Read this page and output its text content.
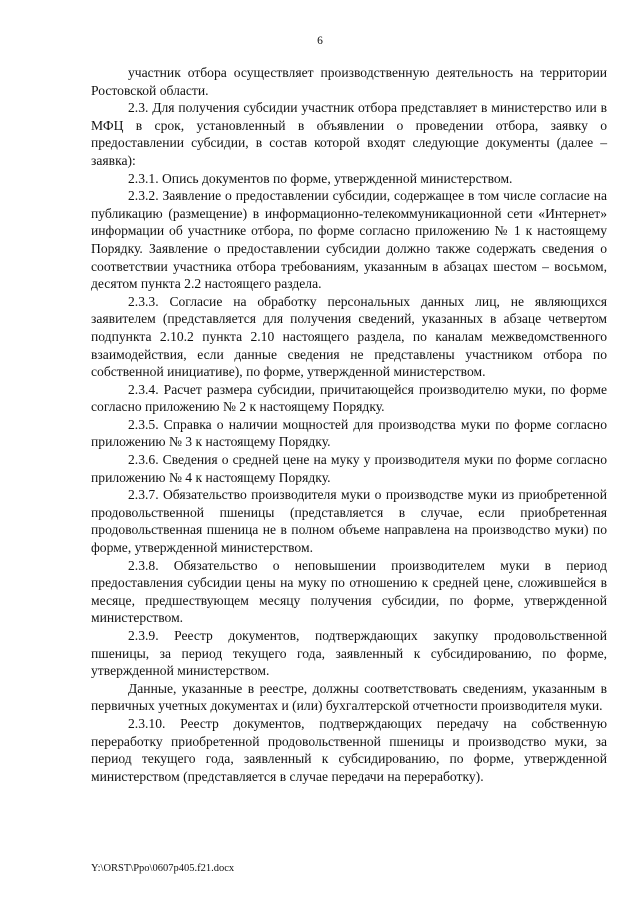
6

участник отбора осуществляет производственную деятельность на территории Ростовской области.

2.3. Для получения субсидии участник отбора представляет в министерство или в МФЦ в срок, установленный в объявлении о проведении отбора, заявку о предоставлении субсидии, в состав которой входят следующие документы (далее – заявка):

2.3.1. Опись документов по форме, утвержденной министерством.

2.3.2. Заявление о предоставлении субсидии, содержащее в том числе согласие на публикацию (размещение) в информационно-телекоммуникационной сети «Интернет» информации об участнике отбора, по форме согласно приложению № 1 к настоящему Порядку. Заявление о предоставлении субсидии должно также содержать сведения о соответствии участника отбора требованиям, указанным в абзацах шестом – восьмом, десятом пункта 2.2 настоящего раздела.

2.3.3. Согласие на обработку персональных данных лиц, не являющихся заявителем (представляется для получения сведений, указанных в абзаце четвертом подпункта 2.10.2 пункта 2.10 настоящего раздела, по каналам межведомственного взаимодействия, если данные сведения не представлены участником отбора по собственной инициативе), по форме, утвержденной министерством.

2.3.4. Расчет размера субсидии, причитающейся производителю муки, по форме согласно приложению № 2 к настоящему Порядку.

2.3.5. Справка о наличии мощностей для производства муки по форме согласно приложению № 3 к настоящему Порядку.

2.3.6. Сведения о средней цене на муку у производителя муки по форме согласно приложению № 4 к настоящему Порядку.

2.3.7. Обязательство производителя муки о производстве муки из приобретенной продовольственной пшеницы (представляется в случае, если приобретенная продовольственная пшеница не в полном объеме направлена на производство муки) по форме, утвержденной министерством.

2.3.8. Обязательство о неповышении производителем муки в период предоставления субсидии цены на муку по отношению к средней цене, сложившейся в месяце, предшествующем месяцу получения субсидии, по форме, утвержденной министерством.

2.3.9. Реестр документов, подтверждающих закупку продовольственной пшеницы, за период текущего года, заявленный к субсидированию, по форме, утвержденной министерством.

Данные, указанные в реестре, должны соответствовать сведениям, указанным в первичных учетных документах и (или) бухгалтерской отчетности производителя муки.

2.3.10. Реестр документов, подтверждающих передачу на собственную переработку приобретенной продовольственной пшеницы и производство муки, за период текущего года, заявленный к субсидированию, по форме, утвержденной министерством (представляется в случае передачи на переработку).

Y:\ORST\Ppo\0607p405.f21.docx
